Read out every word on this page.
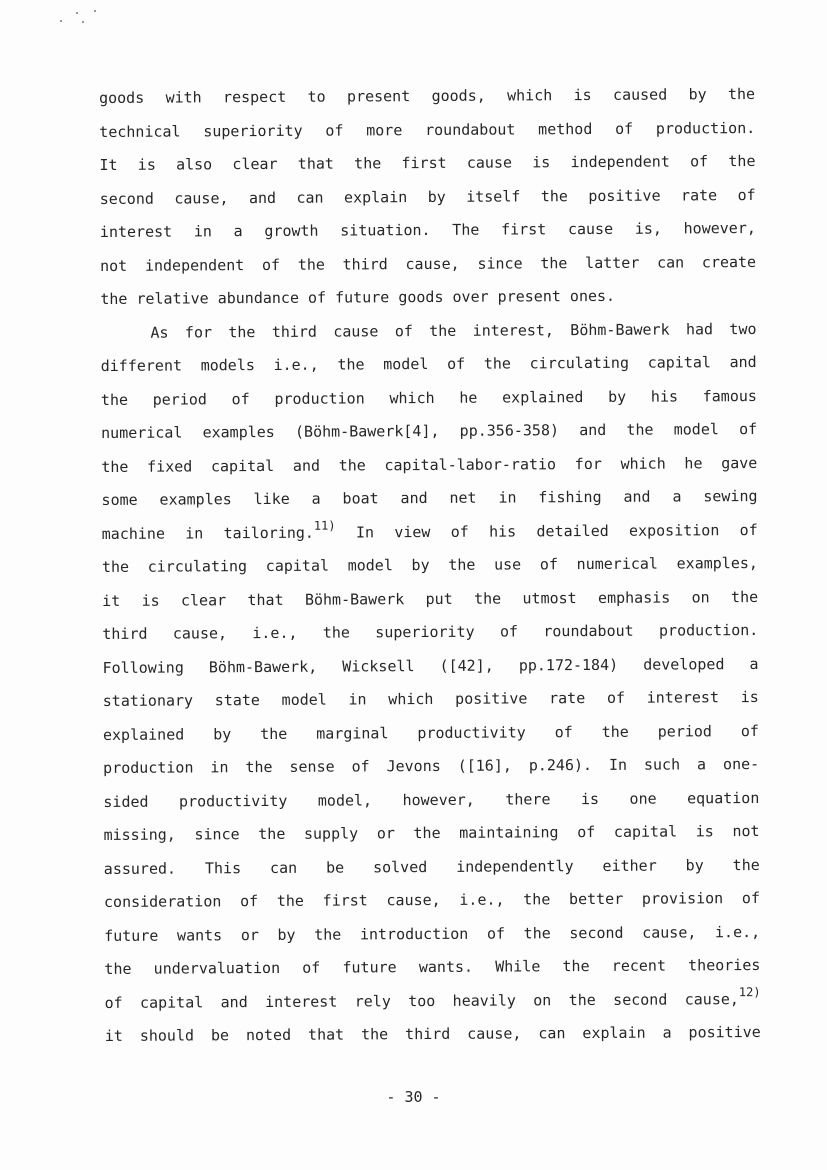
goods with respect to present goods, which is caused by the
technical superiority of more roundabout method of production.
It is also clear that the first cause is independent of the
second cause, and can explain by itself the positive rate of
interest in a growth situation. The first cause is, however,
not independent of the third cause, since the latter can create
the relative abundance of future goods over present ones.
As for the third cause of the interest, Böhm-Bawerk had two
different models i.e., the model of the circulating capital and
the period of production which he explained by his famous
numerical examples (Böhm-Bawerk[4], pp.356-358) and the model of
the fixed capital and the capital-labor-ratio for which he gave
some examples like a boat and net in fishing and a sewing
machine in tailoring.$^{11)}$ In view of his detailed exposition of
the circulating capital model by the use of numerical examples,
it is clear that Böhm-Bawerk put the utmost emphasis on the
third cause, i.e., the superiority of roundabout production.
Following Böhm-Bawerk, Wicksell ([42], pp.172-184) developed a
stationary state model in which positive rate of interest is
explained by the marginal productivity of the period of
production in the sense of Jevons ([16], p.246). In such a one-
sided productivity model, however, there is one equation
missing, since the supply or the maintaining of capital is not
assured. This can be solved independently either by the
consideration of the first cause, i.e., the better provision of
future wants or by the introduction of the second cause, i.e.,
the undervaluation of future wants. While the recent theories
of capital and interest rely too heavily on the second cause,$^{12)}$
it should be noted that the third cause, can explain a positive
- 30 -
